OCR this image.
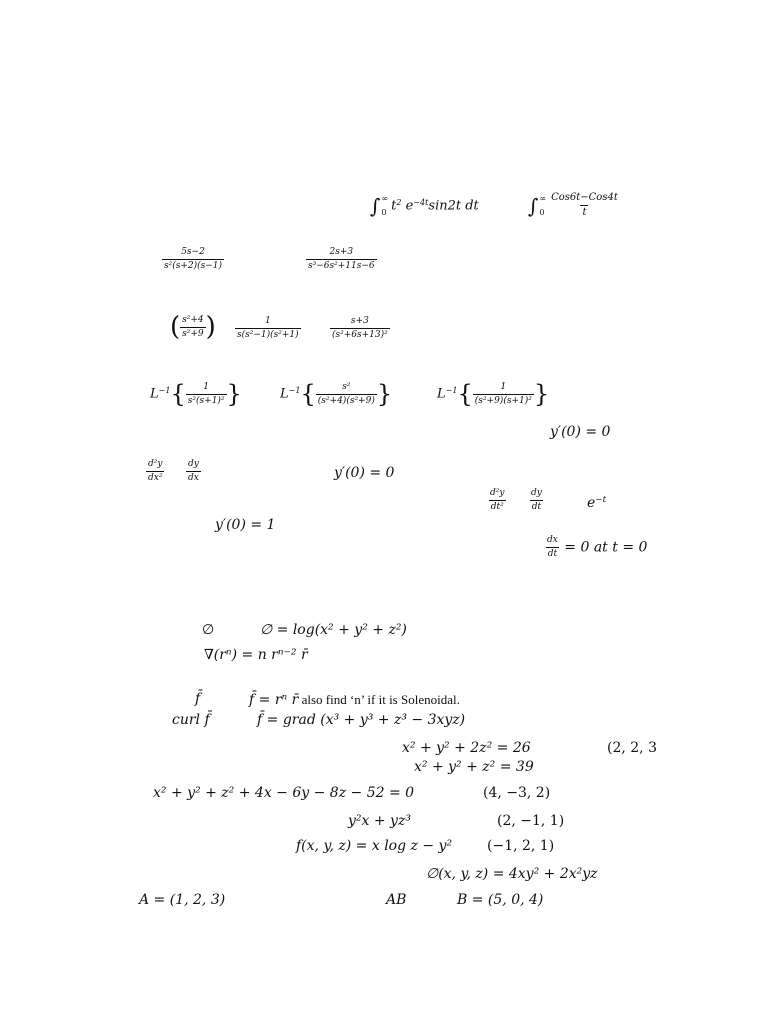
∫ ∞
0 $t^2$ $e^{-4t}\sin 2t$ dt ∫ ∞
0
Cos6t−Cos4t
t
$\frac{5s-2}{\text{s²(s+2)(s−1)}}$	$\frac{2s+3}{\text{s³−6s²+11s−6}}$
( $\frac{\text{s²+4}}{\text{s²+9}}$ ) $\frac{1}{\text{s(s²−1)(s²+1)}}$	$\frac{s+3}{\text{(s²+6s+13)²}}$
$L^{-1}\{ \frac{1}{\text{s²(s+1)²}}$ }	$L^{-1}\{ \frac{\text{s²}}{\text{(s²+4)(s²+9)}}$ }	$L^{-1}\{ \frac{1}{\text{(s²+9)(s+1)²}}$ }
y′(0) = 0
$\frac{\text{d²y}}{\text{dx²}} \frac{dy}{dx}$	y′(0) = 0
$\frac{\text{d²y}}{\text{dt²}}$	$\frac{dy}{dt}$	$e^{-t}$
y′(0) = 1
$\frac{dx}{dt} = 0$ at t = 0
∅	∅ = log(x² + y² + z²)
∇(rⁿ) = n rⁿ⁻² r̄
f̄	f̄ = rⁿ r̄ also find ‘n’ if it is Solenoidal.
curl f̄	f̄ = grad (x³ + y³ + z³ − 3xyz)
x² + y² + 2z² = 26	(2, 2, 3
x² + y² + z² = 39
x² + y² + z² + 4x − 6y − 8z − 52 = 0	(4, −3, 2)
y²x + yz³	(2, −1, 1)
f(x, y, z) = x log z − y² (−1, 2, 1)
∅(x, y, z) = 4xy² + 2x²yz
A = (1, 2, 3)	AB	B = (5, 0, 4)
